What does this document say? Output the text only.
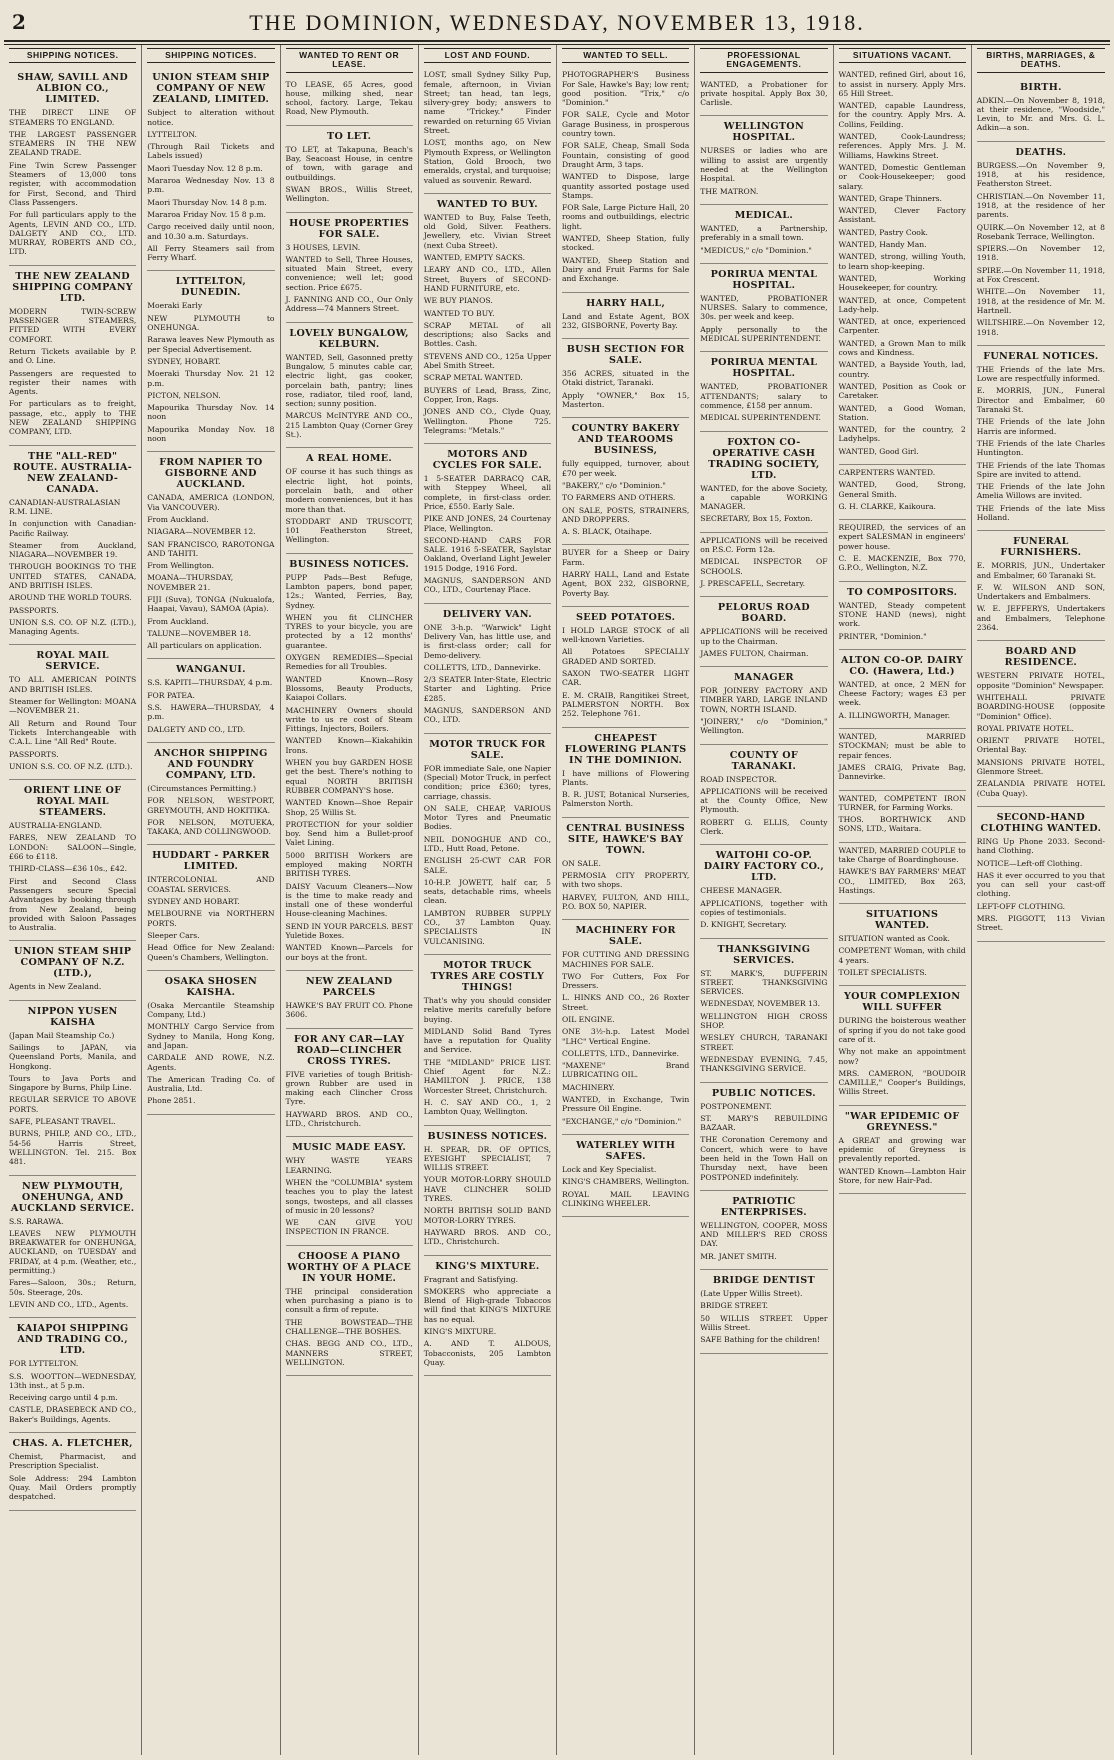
2	THE DOMINION, WEDNESDAY, NOVEMBER 13, 1918.
SHIPPING NOTICES.
SHAW, SAVILL AND ALBION CO., LIMITED.

THE DIRECT LINE OF STEAMERS TO ENGLAND.

THE LARGEST PASSENGER STEAMERS IN THE NEW ZEALAND TRADE.

Fine Twin Screw Passenger Steamers of 13,000 tons register, with accommodation for First, Second, and Third Class Passengers.

For full particulars apply to the Agents, LEVIN AND CO., LTD. DALGETY AND CO., LTD. MURRAY, ROBERTS AND CO., LTD.

THE NEW ZEALAND SHIPPING COMPANY LTD.

MODERN TWIN-SCREW PASSENGER STEAMERS, FITTED WITH EVERY COMFORT.

Return Tickets available by P. and O. Line.

Passengers are requested to register their names with Agents.

For particulars as to freight, passage, etc., apply to THE NEW ZEALAND SHIPPING COMPANY, LTD.

THE "ALL-RED" ROUTE. AUSTRALIA-NEW ZEALAND-CANADA.

CANADIAN-AUSTRALASIAN R.M. LINE.

In conjunction with Canadian-Pacific Railway.

Steamer from Auckland, NIAGARA—NOVEMBER 19.

THROUGH BOOKINGS TO THE UNITED STATES, CANADA, AND BRITISH ISLES.

AROUND THE WORLD TOURS.

PASSPORTS.

UNION S.S. CO. OF N.Z. (LTD.), Managing Agents.

ROYAL MAIL SERVICE.

TO ALL AMERICAN POINTS AND BRITISH ISLES.

Steamer for Wellington: MOANA—NOVEMBER 21.

All Return and Round Tour Tickets Interchangeable with C.A.L. Line "All Red" Route.

PASSPORTS.

UNION S.S. CO. OF N.Z. (LTD.).

ORIENT LINE OF ROYAL MAIL STEAMERS.

AUSTRALIA-ENGLAND.

FARES, NEW ZEALAND TO LONDON: SALOON—Single, £66 to £118.

THIRD-CLASS—£36 10s., £42.

First and Second Class Passengers secure Special Advantages by booking through from New Zealand, being provided with Saloon Passages to Australia.

UNION STEAM SHIP COMPANY OF N.Z. (LTD.),

Agents in New Zealand.

NIPPON YUSEN KAISHA

(Japan Mail Steamship Co.)

Sailings to JAPAN, via Queensland Ports, Manila, and Hongkong.

Tours to Java Ports and Singapore by Burns, Philp Line.

REGULAR SERVICE TO ABOVE PORTS.

SAFE, PLEASANT TRAVEL.

BURNS, PHILP, AND CO., LTD., 54-56 Harris Street, WELLINGTON. Tel. 215. Box 481.

NEW PLYMOUTH, ONEHUNGA, AND AUCKLAND SERVICE.

S.S. RARAWA.

LEAVES NEW PLYMOUTH BREAKWATER for ONEHUNGA, AUCKLAND, on TUESDAY and FRIDAY, at 4 p.m. (Weather, etc., permitting.)

Fares—Saloon, 30s.; Return, 50s. Steerage, 20s.

LEVIN AND CO., LTD., Agents.

KAIAPOI SHIPPING AND TRADING CO., LTD.

FOR LYTTELTON.

S.S. WOOTTON—WEDNESDAY, 13th inst., at 5 p.m.

Receiving cargo until 4 p.m.

CASTLE, DRASEBECK AND CO., Baker's Buildings, Agents.

CHAS. A. FLETCHER,

Chemist, Pharmacist, and Prescription Specialist.

Sole Address: 294 Lambton Quay. Mail Orders promptly despatched.

SHIPPING NOTICES.
UNION STEAM SHIP COMPANY OF NEW ZEALAND, LIMITED.

Subject to alteration without notice.

LYTTELTON.

(Through Rail Tickets and Labels issued)

Maori Tuesday Nov. 12 8 p.m.

Mararoa Wednesday Nov. 13 8 p.m.

Maori Thursday Nov. 14 8 p.m.

Mararoa Friday Nov. 15 8 p.m.

Cargo received daily until noon, and 10.30 a.m. Saturdays.

All Ferry Steamers sail from Ferry Wharf.

LYTTELTON, DUNEDIN.

Moeraki Early

NEW PLYMOUTH to ONEHUNGA.

Rarawa leaves New Plymouth as per Special Advertisement.

SYDNEY, HOBART.

Moeraki Thursday Nov. 21 12 p.m.

PICTON, NELSON.

Mapourika Thursday Nov. 14 noon

Mapourika Monday Nov. 18 noon

FROM NAPIER TO GISBORNE AND AUCKLAND.

CANADA, AMERICA (LONDON, Via VANCOUVER).

From Auckland.

NIAGARA—NOVEMBER 12.

SAN FRANCISCO, RAROTONGA AND TAHITI.

From Wellington.

MOANA—THURSDAY, NOVEMBER 21.

FIJI (Suva), TONGA (Nukualofa, Haapai, Vavau), SAMOA (Apia).

From Auckland.

TALUNE—NOVEMBER 18.

All particulars on application.

WANGANUI.

S.S. KAPITI—THURSDAY, 4 p.m.

FOR PATEA.

S.S. HAWERA—THURSDAY, 4 p.m.

DALGETY AND CO., LTD.

ANCHOR SHIPPING AND FOUNDRY COMPANY, LTD.

(Circumstances Permitting.)

FOR NELSON, WESTPORT, GREYMOUTH, AND HOKITIKA.

FOR NELSON, MOTUEKA, TAKAKA, AND COLLINGWOOD.

HUDDART - PARKER LIMITED.

INTERCOLONIAL AND COASTAL SERVICES.

SYDNEY AND HOBART.

MELBOURNE via NORTHERN PORTS.

Sleeper Cars.

Head Office for New Zealand: Queen's Chambers, Wellington.

OSAKA SHOSEN KAISHA.

(Osaka Mercantile Steamship Company, Ltd.)

MONTHLY Cargo Service from Sydney to Manila, Hong Kong, and Japan.

CARDALE AND ROWE, N.Z. Agents.

The American Trading Co. of Australia, Ltd.

Phone 2851.

WANTED TO RENT OR LEASE.

TO LEASE, 65 Acres, good house, milking shed, near school, factory. Large, Tekau Road, New Plymouth.

TO LET.

TO LET, at Takapuna, Beach's Bay, Seacoast House, in centre of town, with garage and outbuildings.

SWAN BROS., Willis Street, Wellington.

HOUSE PROPERTIES FOR SALE.

3 HOUSES, LEVIN.

WANTED to Sell, Three Houses, situated Main Street, every convenience; well let; good section. Price £675.

J. FANNING AND CO., Our Only Address—74 Manners Street.

LOVELY BUNGALOW, KELBURN.

WANTED, Sell, Gasonned pretty Bungalow, 5 minutes cable car, electric light, gas cooker, porcelain bath, pantry; lines rose, radiator, tiled roof, land, section; sunny position.

MARCUS McINTYRE AND CO., 215 Lambton Quay (Corner Grey St.).

A REAL HOME.

OF course it has such things as electric light, hot points, porcelain bath, and other modern conveniences, but it has more than that.

STODDART AND TRUSCOTT, 101 Featherston Street, Wellington.

BUSINESS NOTICES.

PUPP Pads—Best Refuge, Lambton papers, bond paper, 12s.; Wanted, Ferries, Bay, Sydney.

WHEN you fit CLINCHER TYRES to your bicycle, you are protected by a 12 months' guarantee.

OXYGEN REMEDIES—Special Remedies for all Troubles.

WANTED Known—Rosy Blossoms, Beauty Products, Kaiapoi Collars.

MACHINERY Owners should write to us re cost of Steam Fittings, Injectors, Boilers.

WANTED Known—Kiakahikin Irons.

WHEN you buy GARDEN HOSE get the best. There's nothing to equal NORTH BRITISH RUBBER COMPANY'S hose.

WANTED Known—Shoe Repair Shop, 25 Willis St.

PROTECTION for your soldier boy. Send him a Bullet-proof Valet Lining.

5000 BRITISH Workers are employed making NORTH BRITISH TYRES.

DAISY Vacuum Cleaners—Now is the time to make ready and install one of these wonderful House-cleaning Machines.

SEND IN YOUR PARCELS. BEST Yuletide Boxes.

WANTED Known—Parcels for our boys at the front.

NEW ZEALAND PARCELS

HAWKE'S BAY FRUIT CO. Phone 3606.

FOR ANY CAR—LAY ROAD—CLINCHER CROSS TYRES.

FIVE varieties of tough British-grown Rubber are used in making each Clincher Cross Tyre.

HAYWARD BROS. AND CO., LTD., Christchurch.

MUSIC MADE EASY.

WHY WASTE YEARS LEARNING.

WHEN the "COLUMBIA" system teaches you to play the latest songs, twosteps, and all classes of music in 20 lessons?

WE CAN GIVE YOU INSPECTION IN FRANCE.

CHOOSE A PIANO WORTHY OF A PLACE IN YOUR HOME.

THE principal consideration when purchasing a piano is to consult a firm of repute.

THE BOWSTEAD—THE CHALLENGE—THE BOSHES.

CHAS. BEGG AND CO., LTD., MANNERS STREET, WELLINGTON.

LOST AND FOUND.

LOST, small Sydney Silky Pup, female, afternoon, in Vivian Street; tan head, tan legs, silvery-grey body; answers to name "Trickey." Finder rewarded on returning 65 Vivian Street.

LOST, months ago, on New Plymouth Express, or Wellington Station, Gold Brooch, two emeralds, crystal, and turquoise; valued as souvenir. Reward.

WANTED TO BUY.

WANTED to Buy, False Teeth, old Gold, Silver. Feathers. Jewellery, etc. Vivian Street (next Cuba Street).

WANTED, EMPTY SACKS.

LEARY AND CO., LTD., Allen Street, Buyers of SECOND-HAND FURNITURE, etc.

WE BUY PIANOS.

WANTED TO BUY.

SCRAP METAL of all descriptions; also Sacks and Bottles. Cash.

STEVENS AND CO., 125a Upper Abel Smith Street.

SCRAP METAL WANTED.

BUYERS of Lead, Brass, Zinc, Copper, Iron, Rags.

JONES AND CO., Clyde Quay, Wellington. Phone 725. Telegrams: "Metals."

MOTORS AND CYCLES FOR SALE.

1 5-SEATER DARRACQ CAR, with Steppey Wheel, all complete, in first-class order. Price, £550. Early Sale.

PIKE AND JONES, 24 Courtenay Place, Wellington.

SECOND-HAND CARS FOR SALE. 1916 5-SEATER, Saylstar Oakland, Overland Light Jeweler 1915 Dodge, 1916 Ford.

MAGNUS, SANDERSON AND CO., LTD., Courtenay Place.

DELIVERY VAN.

ONE 3-h.p. "Warwick" Light Delivery Van, has little use, and is first-class order; call for Demo-delivery.

COLLETTS, LTD., Dannevirke.

2/3 SEATER Inter-State, Electric Starter and Lighting. Price £285.

MAGNUS, SANDERSON AND CO., LTD.

MOTOR TRUCK FOR SALE.

FOR immediate Sale, one Napier (Special) Motor Truck, in perfect condition; price £360; tyres, carriage, chassis.

ON SALE, CHEAP, VARIOUS Motor Tyres and Pneumatic Bodies.

NEIL DONOGHUE AND CO., LTD., Hutt Road, Petone.

ENGLISH 25-CWT CAR FOR SALE.

10-H.P. JOWETT, half car, 5 seats, detachable rims, wheels clean.

LAMBTON RUBBER SUPPLY CO., 37 Lambton Quay. SPECIALISTS IN VULCANISING.

MOTOR TRUCK TYRES ARE COSTLY THINGS!

That's why you should consider relative merits carefully before buying.

MIDLAND Solid Band Tyres have a reputation for Quality and Service.

THE "MIDLAND" PRICE LIST. Chief Agent for N.Z.: HAMILTON J. PRICE, 138 Worcester Street, Christchurch.

H. C. SAY AND CO., 1, 2 Lambton Quay, Wellington.

BUSINESS NOTICES.

H. SPEAR, DR. OF OPTICS, EYESIGHT SPECIALIST, 7 WILLIS STREET.

YOUR MOTOR-LORRY SHOULD HAVE CLINCHER SOLID TYRES.

NORTH BRITISH SOLID BAND MOTOR-LORRY TYRES.

HAYWARD BROS. AND CO., LTD., Christchurch.

KING'S MIXTURE.

Fragrant and Satisfying.

SMOKERS who appreciate a Blend of High-grade Tobaccos will find that KING'S MIXTURE has no equal.

KING'S MIXTURE.

A. AND T. ALDOUS, Tobacconists, 205 Lambton Quay.

WANTED TO SELL.

PHOTOGRAPHER'S Business For Sale, Hawke's Bay; low rent; good position. "Trix," c/o "Dominion."

FOR SALE, Cycle and Motor Garage Business, in prosperous country town.

FOR SALE, Cheap, Small Soda Fountain, consisting of good Draught Arm, 3 taps.

WANTED to Dispose, large quantity assorted postage used Stamps.

FOR Sale, Large Picture Hall, 20 rooms and outbuildings, electric light.

WANTED, Sheep Station, fully stocked.

WANTED, Sheep Station and Dairy and Fruit Farms for Sale and Exchange.

HARRY HALL,

Land and Estate Agent, BOX 232, GISBORNE, Poverty Bay.

BUSH SECTION FOR SALE.

356 ACRES, situated in the Otaki district, Taranaki.

Apply "OWNER," Box 15, Masterton.

COUNTRY BAKERY AND TEAROOMS BUSINESS,

fully equipped, turnover, about £70 per week.

"BAKERY," c/o "Dominion."

TO FARMERS AND OTHERS.

ON SALE, POSTS, STRAINERS, AND DROPPERS.

A. S. BLACK, Otaihape.

BUYER for a Sheep or Dairy Farm.

HARRY HALL, Land and Estate Agent, BOX 232, GISBORNE, Poverty Bay.

SEED POTATOES.

I HOLD LARGE STOCK of all well-known Varieties.

All Potatoes SPECIALLY GRADED AND SORTED.

SAXON TWO-SEATER LIGHT CAR.

E. M. CRAIB, Rangitikei Street, PALMERSTON NORTH. Box 252. Telephone 761.

CHEAPEST FLOWERING PLANTS IN THE DOMINION.

I have millions of Flowering Plants.

B. R. JUST, Botanical Nurseries, Palmerston North.

CENTRAL BUSINESS SITE, HAWKE'S BAY TOWN.

ON SALE.

PERMOSIA CITY PROPERTY, with two shops.

HARVEY, FULTON, AND HILL, P.O. BOX 50, NAPIER.

MACHINERY FOR SALE.

FOR CUTTING AND DRESSING MACHINES FOR SALE.

TWO For Cutters, Fox For Dressers.

L. HINKS AND CO., 26 Roxter Street.

OIL ENGINE.

ONE 3½-h.p. Latest Model "LHC" Vertical Engine.

COLLETTS, LTD., Dannevirke.

"MAXENE" Brand LUBRICATING OIL.

MACHINERY.

WANTED, in Exchange, Twin Pressure Oil Engine.

"EXCHANGE," c/o "Dominion."

WATERLEY WITH SAFES.

Lock and Key Specialist.

KING'S CHAMBERS, Wellington.

ROYAL MAIL LEAVING CLINKING WHEELER.

PROFESSIONAL ENGAGEMENTS.

WANTED, a Probationer for private hospital. Apply Box 30, Carlisle.

WELLINGTON HOSPITAL.

NURSES or ladies who are willing to assist are urgently needed at the Wellington Hospital.

THE MATRON.

MEDICAL.

WANTED, a Partnership, preferably in a small town.

"MEDICUS," c/o "Dominion."

PORIRUA MENTAL HOSPITAL.

WANTED, PROBATIONER NURSES. Salary to commence, 30s. per week and keep.

Apply personally to the MEDICAL SUPERINTENDENT.

PORIRUA MENTAL HOSPITAL.

WANTED, PROBATIONER ATTENDANTS; salary to commence, £158 per annum.

MEDICAL SUPERINTENDENT.

FOXTON CO-OPERATIVE CASH TRADING SOCIETY, LTD.

WANTED, for the above Society, a capable WORKING MANAGER.

SECRETARY, Box 15, Foxton.

APPLICATIONS will be received on P.S.C. Form 12a.

MEDICAL INSPECTOR OF SCHOOLS.

J. PRESCAFELL, Secretary.

PELORUS ROAD BOARD.

APPLICATIONS will be received up to the Chairman.

JAMES FULTON, Chairman.

MANAGER

FOR JOINERY FACTORY AND TIMBER YARD, LARGE INLAND TOWN, NORTH ISLAND.

"JOINERY," c/o "Dominion," Wellington.

COUNTY OF TARANAKI.

ROAD INSPECTOR.

APPLICATIONS will be received at the County Office, New Plymouth.

ROBERT G. ELLIS, County Clerk.

WAITOHI CO-OP. DAIRY FACTORY CO., LTD.

CHEESE MANAGER.

APPLICATIONS, together with copies of testimonials.

D. KNIGHT, Secretary.

THANKSGIVING SERVICES.

ST. MARK'S, DUFFERIN STREET. THANKSGIVING SERVICES.

WEDNESDAY, NOVEMBER 13.

WELLINGTON HIGH CROSS SHOP.

WESLEY CHURCH, TARANAKI STREET.

WEDNESDAY EVENING, 7.45, THANKSGIVING SERVICE.

PUBLIC NOTICES.

POSTPONEMENT.

ST. MARY'S REBUILDING BAZAAR.

THE Coronation Ceremony and Concert, which were to have been held in the Town Hall on Thursday next, have been POSTPONED indefinitely.

PATRIOTIC ENTERPRISES.

WELLINGTON, COOPER, MOSS AND MILLER'S RED CROSS DAY.

MR. JANET SMITH.

BRIDGE DENTIST

(Late Upper Willis Street).

BRIDGE STREET.

50 WILLIS STREET. Upper Willis Street.

SAFE Bathing for the children!

SITUATIONS VACANT.

WANTED, refined Girl, about 16, to assist in nursery. Apply Mrs. 65 Hill Street.

WANTED, capable Laundress, for the country. Apply Mrs. A. Collins, Feilding.

WANTED, Cook-Laundress; references. Apply Mrs. J. M. Williams, Hawkins Street.

WANTED, Domestic Gentleman or Cook-Housekeeper; good salary.

WANTED, Grape Thinners.

WANTED, Clever Factory Assistant.

WANTED, Pastry Cook.

WANTED, Handy Man.

WANTED, strong, willing Youth, to learn shop-keeping.

WANTED, Working Housekeeper, for country.

WANTED, at once, Competent Lady-help.

WANTED, at once, experienced Carpenter.

WANTED, a Grown Man to milk cows and Kindness.

WANTED, a Bayside Youth, lad, country.

WANTED, Position as Cook or Caretaker.

WANTED, a Good Woman, Station.

WANTED, for the country, 2 Ladyhelps.

WANTED, Good Girl.

CARPENTERS WANTED.

WANTED, Good, Strong, General Smith.

G. H. CLARKE, Kaikoura.

REQUIRED, the services of an expert SALESMAN in engineers' power house.

C. E. MACKENZIE, Box 770, G.P.O., Wellington, N.Z.

TO COMPOSITORS.

WANTED, Steady competent STONE HAND (news), night work.

PRINTER, "Dominion."

ALTON CO-OP. DAIRY CO. (Hawera, Ltd.)

WANTED, at once, 2 MEN for Cheese Factory; wages £3 per week.

A. ILLINGWORTH, Manager.

WANTED, MARRIED STOCKMAN; must be able to repair fences.

JAMES CRAIG, Private Bag, Dannevirke.

WANTED, COMPETENT IRON TURNER, for Farming Works.

THOS. BORTHWICK AND SONS, LTD., Waitara.

WANTED, MARRIED COUPLE to take Charge of Boardinghouse.

HAWKE'S BAY FARMERS' MEAT CO., LIMITED, Box 263, Hastings.

SITUATIONS WANTED.

SITUATION wanted as Cook.

COMPETENT Woman, with child 4 years.

TOILET SPECIALISTS.

YOUR COMPLEXION WILL SUFFER

DURING the boisterous weather of spring if you do not take good care of it.

Why not make an appointment now?

MRS. CAMERON, "BOUDOIR CAMILLE," Cooper's Buildings, Willis Street.

"WAR EPIDEMIC OF GREYNESS."

A GREAT and growing war epidemic of Greyness is prevalently reported.

WANTED Known—Lambton Hair Store, for new Hair-Pad.

BIRTHS, MARRIAGES, & DEATHS.
BIRTH.

ADKIN.—On November 8, 1918, at their residence, "Woodside," Levin, to Mr. and Mrs. G. L. Adkin—a son.

DEATHS.

BURGESS.—On November 9, 1918, at his residence, Featherston Street.

CHRISTIAN.—On November 11, 1918, at the residence of her parents.

QUIRK.—On November 12, at 8 Rosebank Terrace, Wellington.

SPIERS.—On November 12, 1918.

SPIRE.—On November 11, 1918, at Fox Crescent.

WHITE.—On November 11, 1918, at the residence of Mr. M. Hartnell.

WILTSHIRE.—On November 12, 1918.

FUNERAL NOTICES.

THE Friends of the late Mrs. Lowe are respectfully informed.

E. MORRIS, JUN., Funeral Director and Embalmer, 60 Taranaki St.

THE Friends of the late John Harris are informed.

THE Friends of the late Charles Huntington.

THE Friends of the late Thomas Spire are invited to attend.

THE Friends of the late John Amelia Willows are invited.

THE Friends of the late Miss Holland.

FUNERAL FURNISHERS.

E. MORRIS, JUN., Undertaker and Embalmer, 60 Taranaki St.

F. W. WILSON AND SON, Undertakers and Embalmers.

W. E. JEFFERYS, Undertakers and Embalmers, Telephone 2364.

BOARD AND RESIDENCE.

WESTERN PRIVATE HOTEL, opposite "Dominion" Newspaper.

WHITEHALL PRIVATE BOARDING-HOUSE (opposite "Dominion" Office).

ROYAL PRIVATE HOTEL.

ORIENT PRIVATE HOTEL, Oriental Bay.

MANSIONS PRIVATE HOTEL, Glenmore Street.

ZEALANDIA PRIVATE HOTEL (Cuba Quay).

SECOND-HAND CLOTHING WANTED.

RING Up Phone 2033. Second-hand Clothing.

NOTICE—Left-off Clothing.

HAS it ever occurred to you that you can sell your cast-off clothing.

LEFT-OFF CLOTHING.

MRS. PIGGOTT, 113 Vivian Street.
